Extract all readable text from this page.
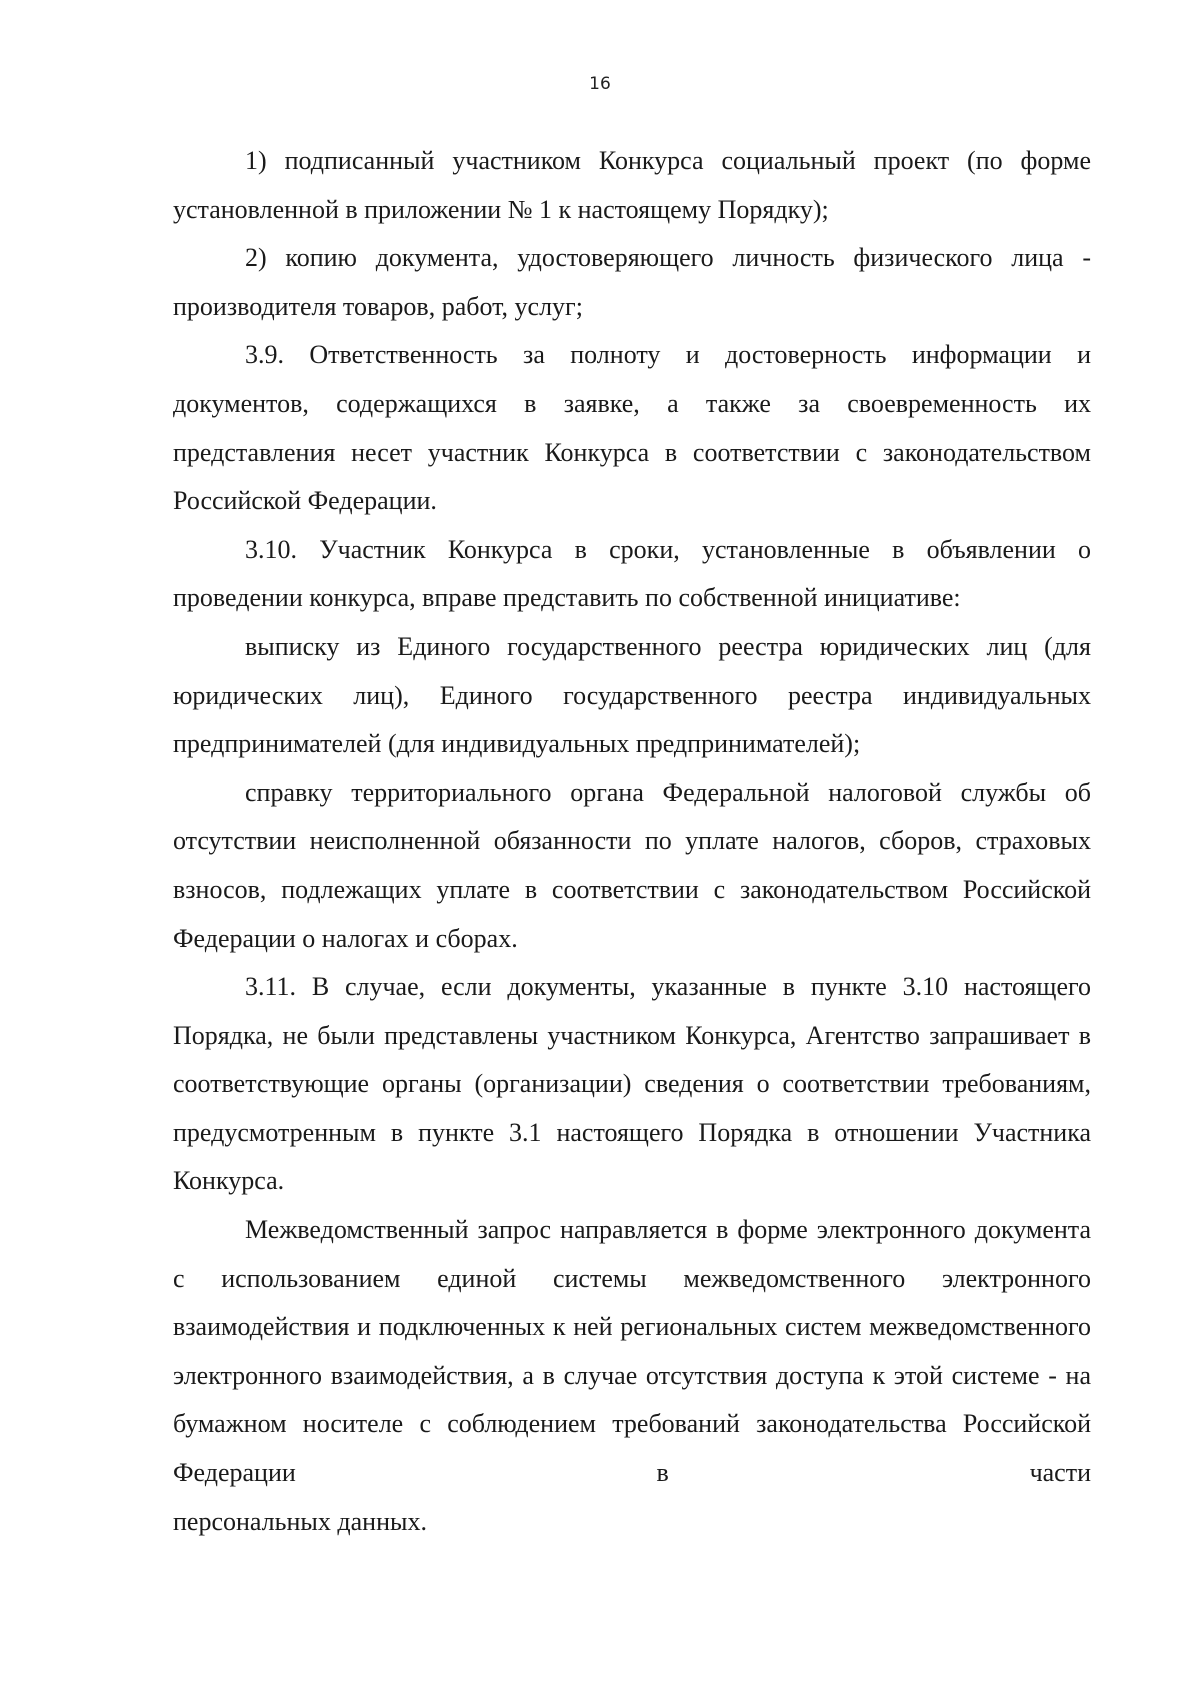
16

1) подписанный участником Конкурса социальный проект (по форме установленной в приложении № 1 к настоящему Порядку);

2) копию документа, удостоверяющего личность физического лица - производителя товаров, работ, услуг;

3.9. Ответственность за полноту и достоверность информации и документов, содержащихся в заявке, а также за своевременность их представления несет участник Конкурса в соответствии с законодательством Российской Федерации.

3.10. Участник Конкурса в сроки, установленные в объявлении о проведении конкурса, вправе представить по собственной инициативе:

выписку из Единого государственного реестра юридических лиц (для юридических лиц), Единого государственного реестра индивидуальных предпринимателей (для индивидуальных предпринимателей);

справку территориального органа Федеральной налоговой службы об отсутствии неисполненной обязанности по уплате налогов, сборов, страховых взносов, подлежащих уплате в соответствии с законодательством Российской Федерации о налогах и сборах.

3.11. В случае, если документы, указанные в пункте 3.10 настоящего Порядка, не были представлены участником Конкурса, Агентство запрашивает в соответствующие органы (организации) сведения о соответствии требованиям, предусмотренным в пункте 3.1 настоящего Порядка в отношении Участника Конкурса.

Межведомственный запрос направляется в форме электронного документа с использованием единой системы межведомственного электронного взаимодействия и подключенных к ней региональных систем межведомственного электронного взаимодействия, а в случае отсутствия доступа к этой системе - на бумажном носителе с соблюдением требований законодательства Российской Федерации в части

персональных данных.
